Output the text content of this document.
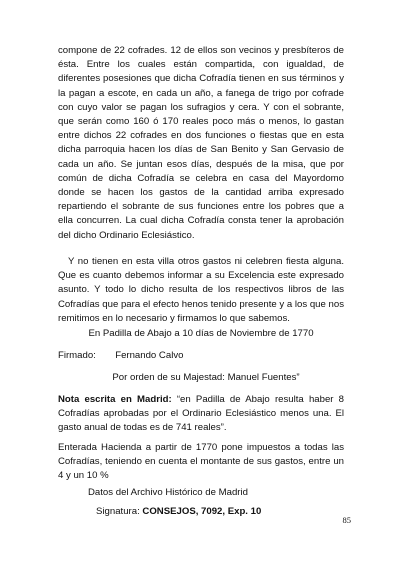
compone de 22 cofrades. 12 de ellos son vecinos y presbíteros de ésta. Entre los cuales están compartida, con igualdad, de diferentes posesiones que dicha Cofradía tienen en sus términos y la pagan a escote, en cada un año, a fanega de trigo por cofrade con cuyo valor se pagan los sufragios y cera. Y con el sobrante, que serán como 160 ó 170 reales poco más o menos, lo gastan entre dichos 22 cofrades en dos funciones o fiestas que en esta dicha parroquia hacen los días de San Benito y San Gervasio de cada un año. Se juntan esos días, después de la misa, que por común de dicha Cofradía se celebra en casa del Mayordomo donde se hacen los gastos de la cantidad arriba expresado repartiendo el sobrante de sus funciones entre los pobres que a ella concurren. La cual dicha Cofradía consta tener la aprobación del dicho Ordinario Eclesiástico.

Y no tienen en esta villa otros gastos ni celebren fiesta alguna. Que es cuanto debemos informar a su Excelencia este expresado asunto. Y todo lo dicho resulta de los respectivos libros de las Cofradías que para el efecto henos tenido presente y a los que nos remitimos en lo necesario y firmamos lo que sabemos.

En Padilla de Abajo a 10 días de Noviembre de 1770

Firmado: Fernando Calvo

Por orden de su Majestad: Manuel Fuentes”

Nota escrita en Madrid: “en Padilla de Abajo resulta haber 8 Cofradías aprobadas por el Ordinario Eclesiástico menos una. El gasto anual de todas es de 741 reales”.

Enterada Hacienda a partir de 1770 pone impuestos a todas las Cofradías, teniendo en cuenta el montante de sus gastos, entre un 4 y un 10 %

Datos del Archivo Histórico de Madrid

Signatura: CONSEJOS, 7092, Exp. 10

85
